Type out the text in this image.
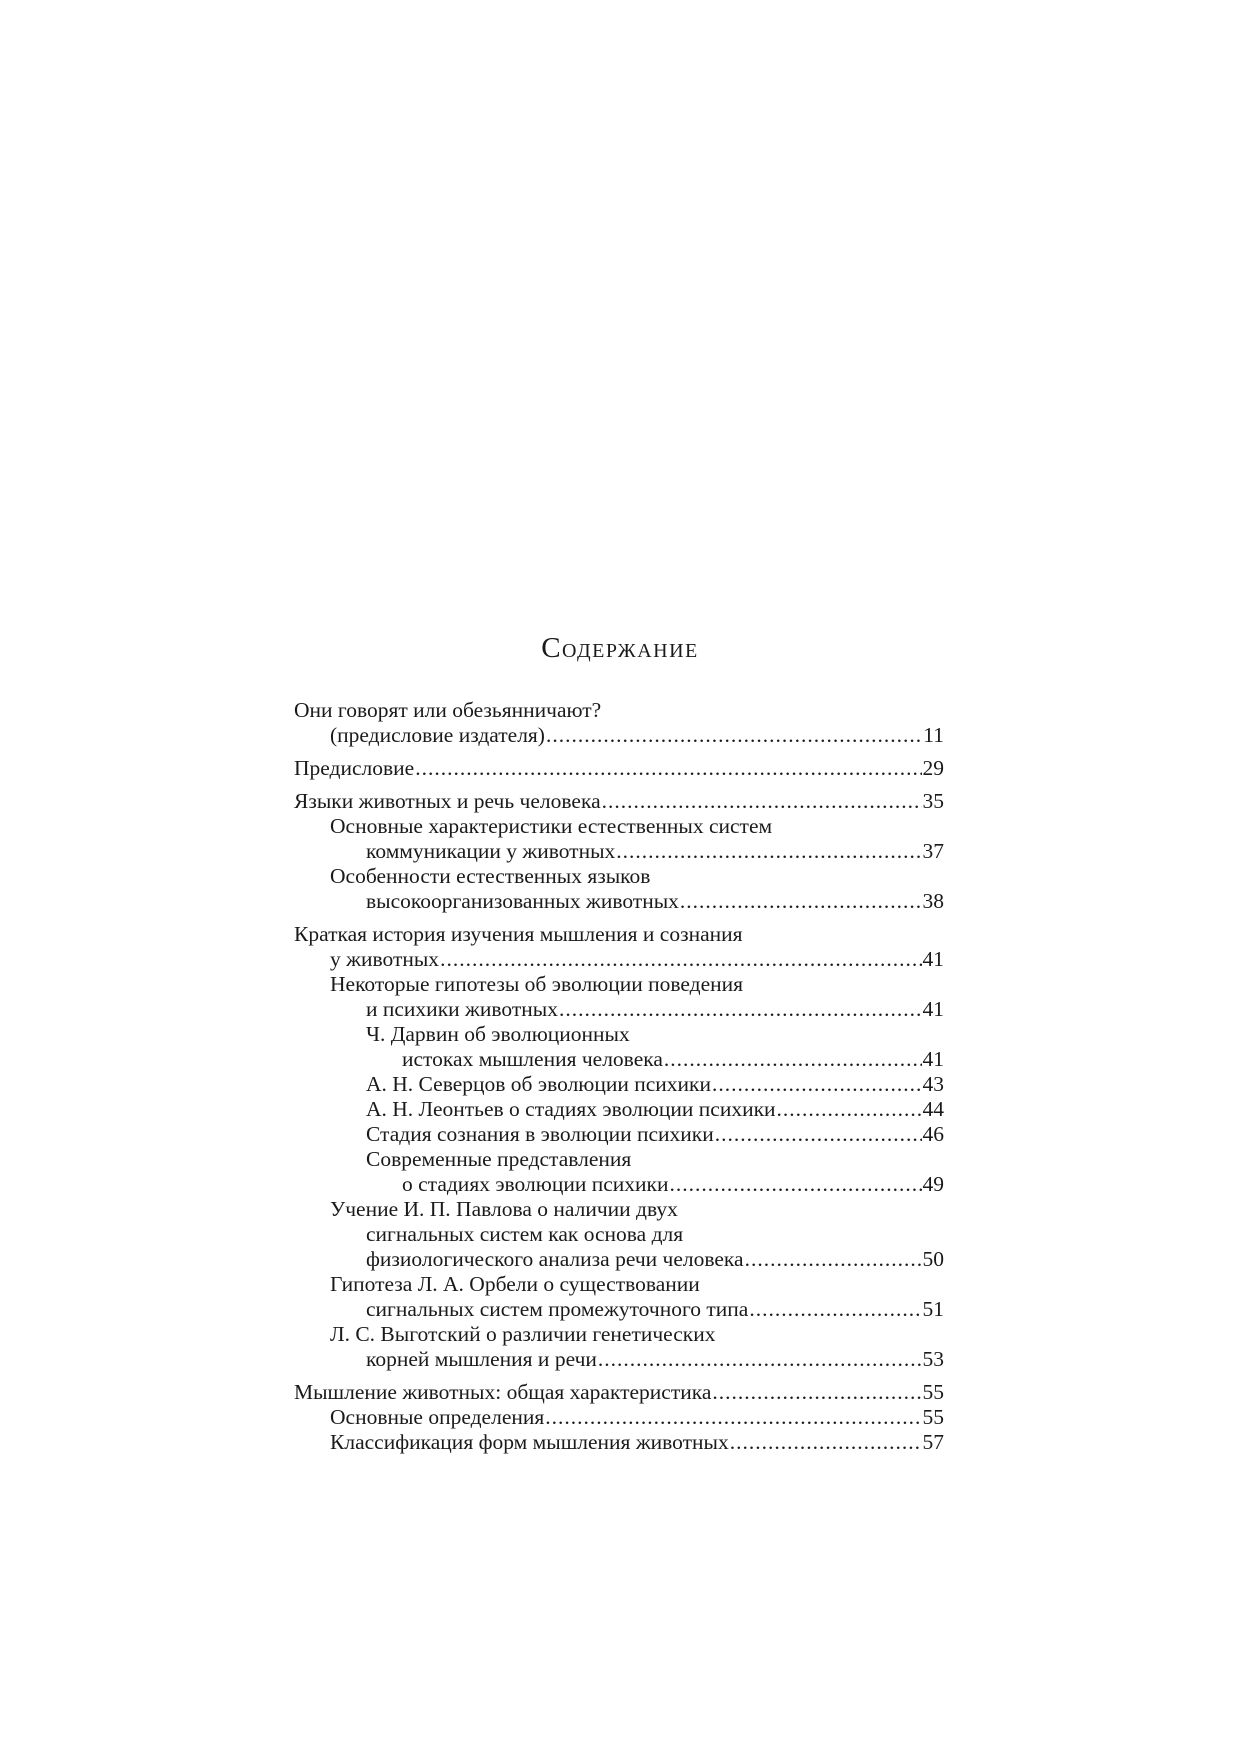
Содержание
Они говорят или обезьянничают?
(предисловие издателя) .....	11
Предисловие .....	29
Языки животных и речь человека .....	35
Основные характеристики естественных систем
коммуникации у животных .....	37
Особенности естественных языков
высокоорганизованных животных .....	38
Краткая история изучения мышления и сознания
у животных .....	41
Некоторые гипотезы об эволюции поведения
и психики животных .....	41
Ч. Дарвин об эволюционных
истоках мышления человека .....	41
А. Н. Северцов об эволюции психики .....	43
А. Н. Леонтьев о стадиях эволюции психики .....	44
Стадия сознания в эволюции психики .....	46
Современные представления
о стадиях эволюции психики .....	49
Учение И. П. Павлова о наличии двух
сигнальных систем как основа для
физиологического анализа речи человека .....	50
Гипотеза Л. А. Орбели о существовании
сигнальных систем промежуточного типа .....	51
Л. С. Выготский о различии генетических
корней мышления и речи .....	53
Мышление животных: общая характеристика .....	55
Основные определения .....	55
Классификация форм мышления животных .....	57
